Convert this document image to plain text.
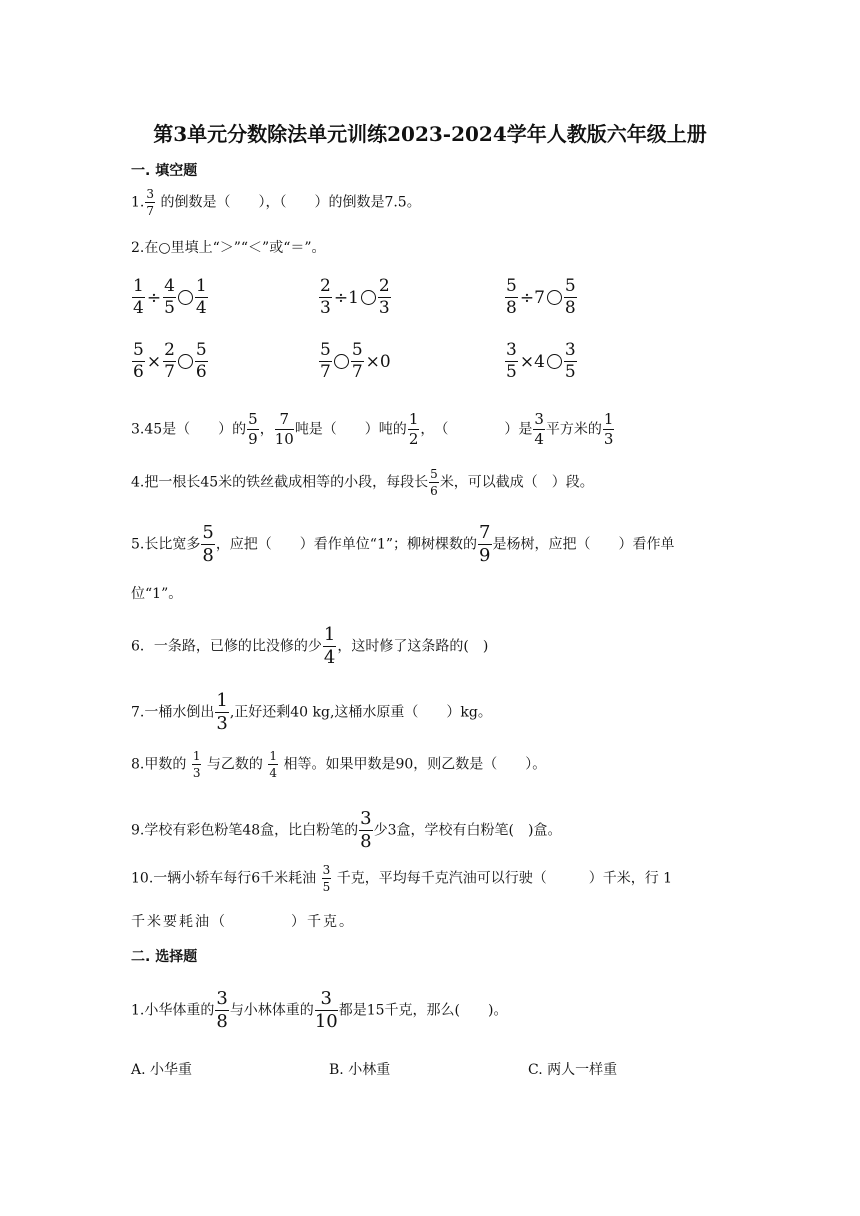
第3单元分数除法单元训练2023-2024学年人教版六年级上册
一. 填空题
1. $\frac{3}{7}$ 的倒数是（　　），（　　）的倒数是7.5。
2.在○里填上“＞”“＜”或“＝”。
$\frac{1}{4} \div \frac{4}{5} \frac{1}{4}$	$\frac{2}{3} \div 1 \frac{2}{3}$	$\frac{5}{8} \div 7 \frac{5}{8}$
$\frac{5}{6} \times \frac{2}{7} \frac{5}{6}$	$\frac{5}{7} \frac{5}{7} \times 0$	$\frac{3}{5} \times 4 \frac{3}{5}$
3.45是（　　）的 $\frac{5}{9}$ ， $\frac{7}{10}$ 吨是（　　）吨的 $\frac{1}{2}$ ，　（　　　　）是 $\frac{3}{4}$ 平方米的 $\frac{1}{3}$
4.把一根长45米的铁丝截成相等的小段，每段长 $\frac{5}{6}$ 米，可以截成（　）段。
5.长比宽多 $\frac{5}{8}$ ，应把（　　）看作单位“1”；柳树棵数的 $\frac{7}{9}$ 是杨树，应把（　　）看作单
位“1”。
6．一条路，已修的比没修的少 $\frac{1}{4}$ ，这时修了这条路的(　)
7.一桶水倒出 $\frac{1}{3}$ ,正好还剩40 kg,这桶水原重（　　）kg。
8.甲数的 $\frac{1}{3}$ 与乙数的 $\frac{1}{4}$ 相等。如果甲数是90，则乙数是（　　）。
9.学校有彩色粉笔48盒，比白粉笔的 $\frac{3}{8}$ 少3盒，学校有白粉笔(　)盒。
10.一辆小轿车每行6千米耗油 $\frac{3}{5}$ 千克，平均每千克汽油可以行驶（　　　）千米，行 1
千米要耗油（　　　　）千克。
二. 选择题
1.小华体重的 $\frac{3}{8}$ 与小林体重的 $\frac{3}{10}$ 都是15千克，那么(　　)。
A. 小华重	B. 小林重	C. 两人一样重
